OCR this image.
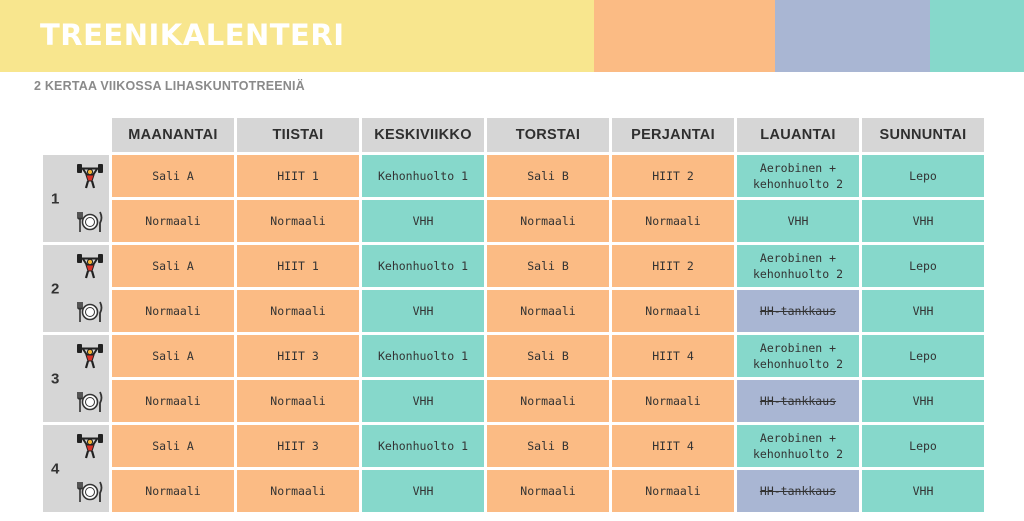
TREENIKALENTERI
2 KERTAA VIIKOSSA LIHASKUNTOTREENIÄ
	MAANANTAI	TIISTAI	KESKIVIIKKO	TORSTAI	PERJANTAI	LAUANTAI	SUNNUNTAI

1	Sali A	HIIT 1	Kehonhuolto 1	Sali B	HIIT 2	Aerobinen + kehonhuolto 2	Lepo
	Normaali	Normaali	VHH	Normaali	Normaali	VHH	VHH

2	Sali A	HIIT 1	Kehonhuolto 1	Sali B	HIIT 2	Aerobinen + kehonhuolto 2	Lepo
	Normaali	Normaali	VHH	Normaali	Normaali	HH-tankkaus	VHH

3	Sali A	HIIT 3	Kehonhuolto 1	Sali B	HIIT 4	Aerobinen + kehonhuolto 2	Lepo
	Normaali	Normaali	VHH	Normaali	Normaali	HH-tankkaus	VHH

4	Sali A	HIIT 3	Kehonhuolto 1	Sali B	HIIT 4	Aerobinen + kehonhuolto 2	Lepo
	Normaali	Normaali	VHH	Normaali	Normaali	HH-tankkaus	VHH
